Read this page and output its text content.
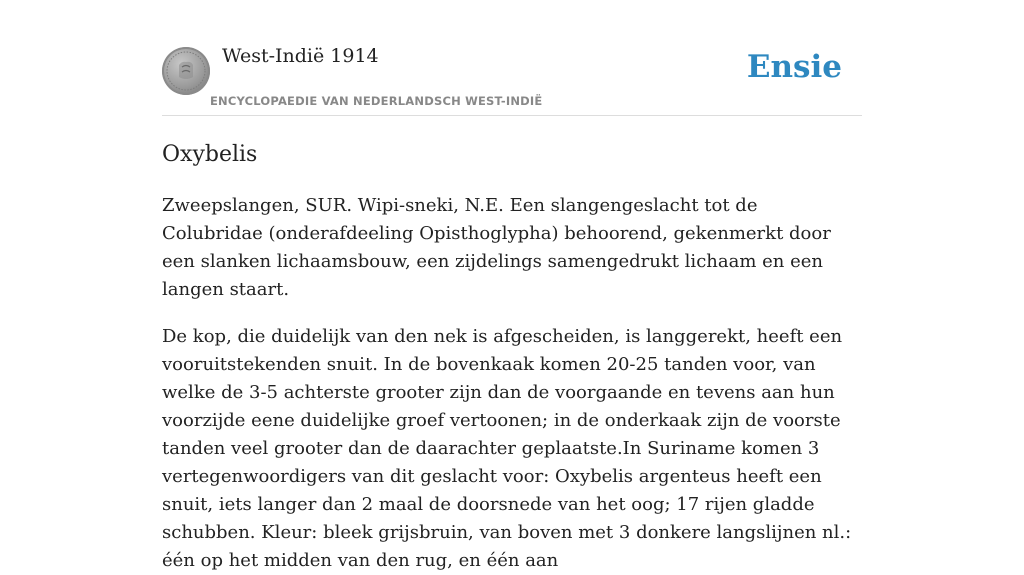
West-Indië 1914
ENCYCLOPAEDIE VAN NEDERLANDSCH WEST-INDIË
Ensie
Oxybelis

Zweepslangen, SUR. Wipi-sneki, N.E. Een slangengeslacht tot de Colubridae (onderafdeeling Opisthoglypha) behoorend, gekenmerkt door een slanken lichaamsbouw, een zijdelings samengedrukt lichaam en een langen staart.

De kop, die duidelijk van den nek is afgescheiden, is langgerekt, heeft een vooruitstekenden snuit. In de bovenkaak komen 20-25 tanden voor, van welke de 3-5 achterste grooter zijn dan de voorgaande en tevens aan hun voorzijde eene duidelijke groef vertoonen; in de onderkaak zijn de voorste tanden veel grooter dan de daarachter geplaatste.In Suriname komen 3 vertegenwoordigers van dit geslacht voor: Oxybelis argenteus heeft een snuit, iets langer dan 2 maal de doorsnede van het oog; 17 rijen gladde schubben. Kleur: bleek grijsbruin, van boven met 3 donkere langslijnen nl.: één op het midden van den rug, en één aan
